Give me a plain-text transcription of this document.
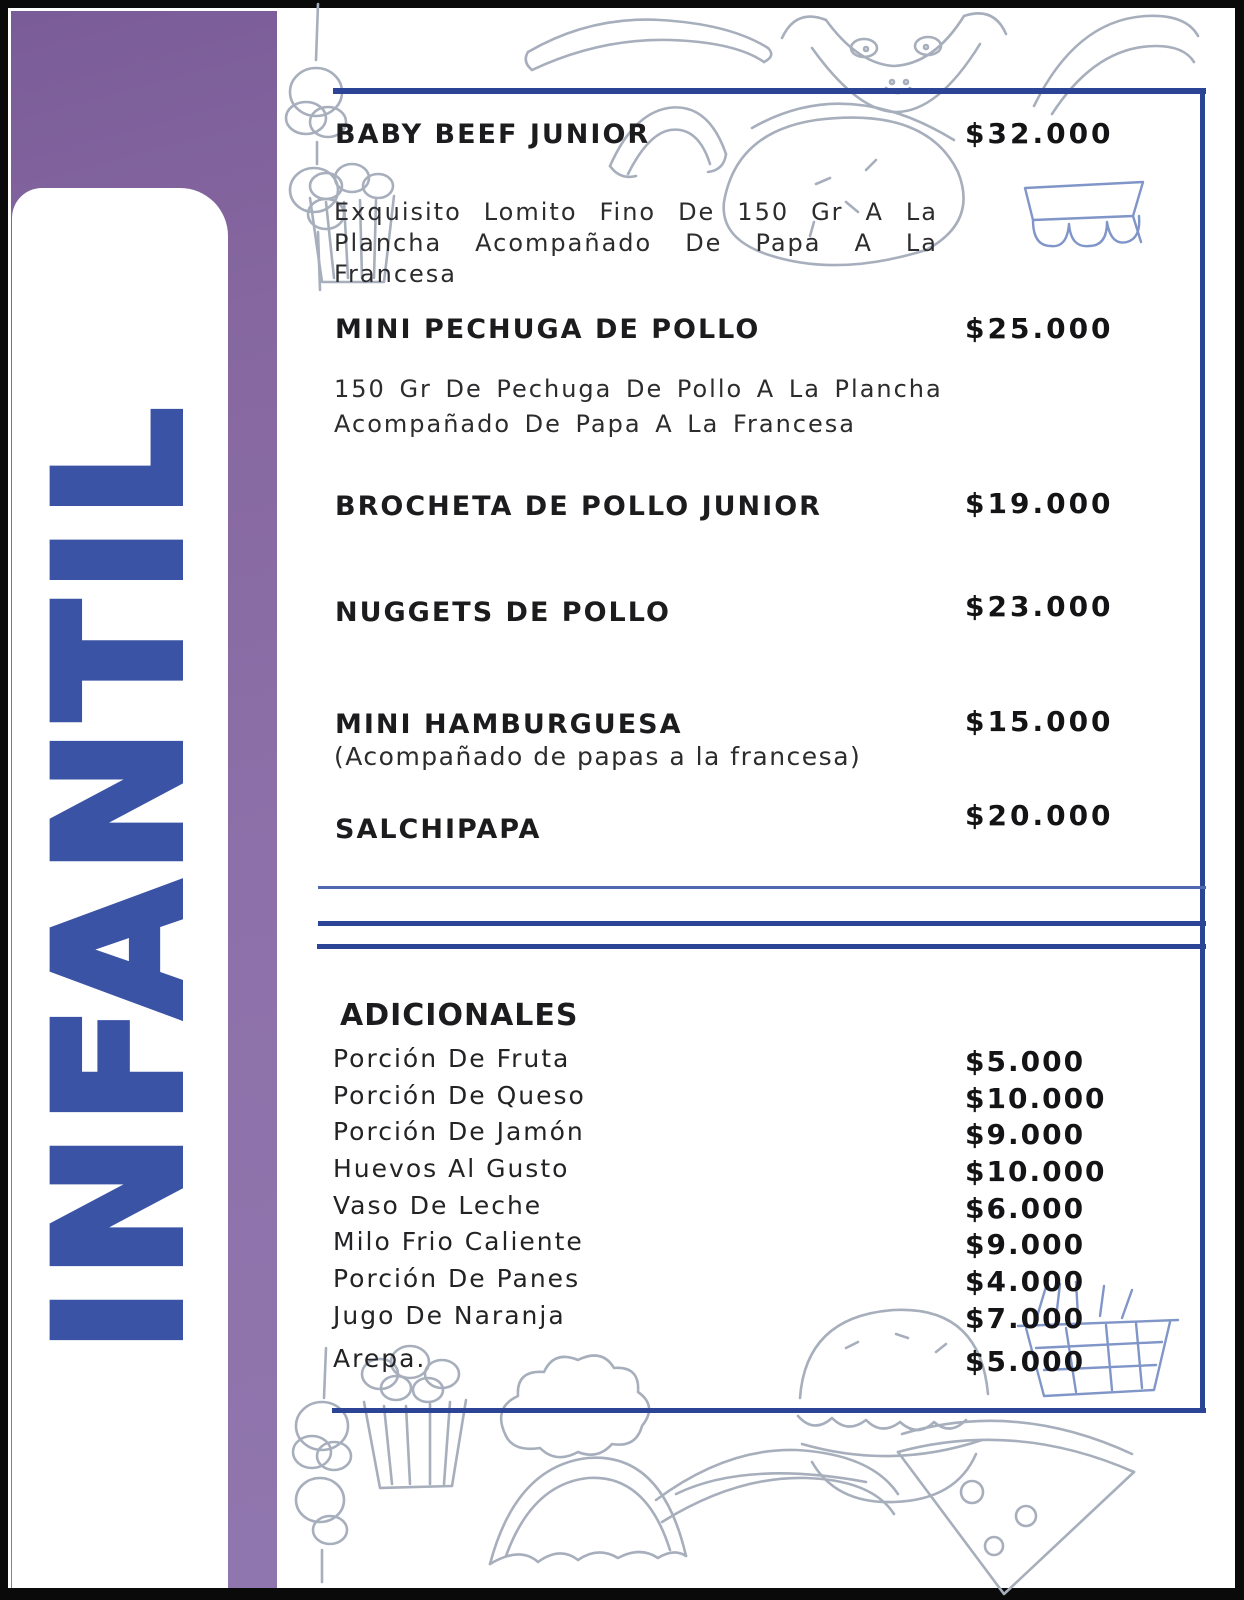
INFANTIL
BABY BEEF JUNIOR	$32.000
Exquisito Lomito Fino De 150 Gr A La
Plancha Acompañado De Papa A La
Francesa
MINI PECHUGA DE POLLO	$25.000
150 Gr De Pechuga De Pollo A La Plancha
Acompañado De Papa A La Francesa
BROCHETA DE POLLO JUNIOR	$19.000
NUGGETS DE POLLO	$23.000
MINI HAMBURGUESA	$15.000
(Acompañado de papas a la francesa)
SALCHIPAPA	$20.000
ADICIONALES
Porción De Fruta	$5.000
Porción De Queso	$10.000
Porción De Jamón	$9.000
Huevos Al Gusto	$10.000
Vaso De Leche	$6.000
Milo Frio Caliente	$9.000
Porción De Panes	$4.000
Jugo De Naranja	$7.000
Arepa.	$5.000
